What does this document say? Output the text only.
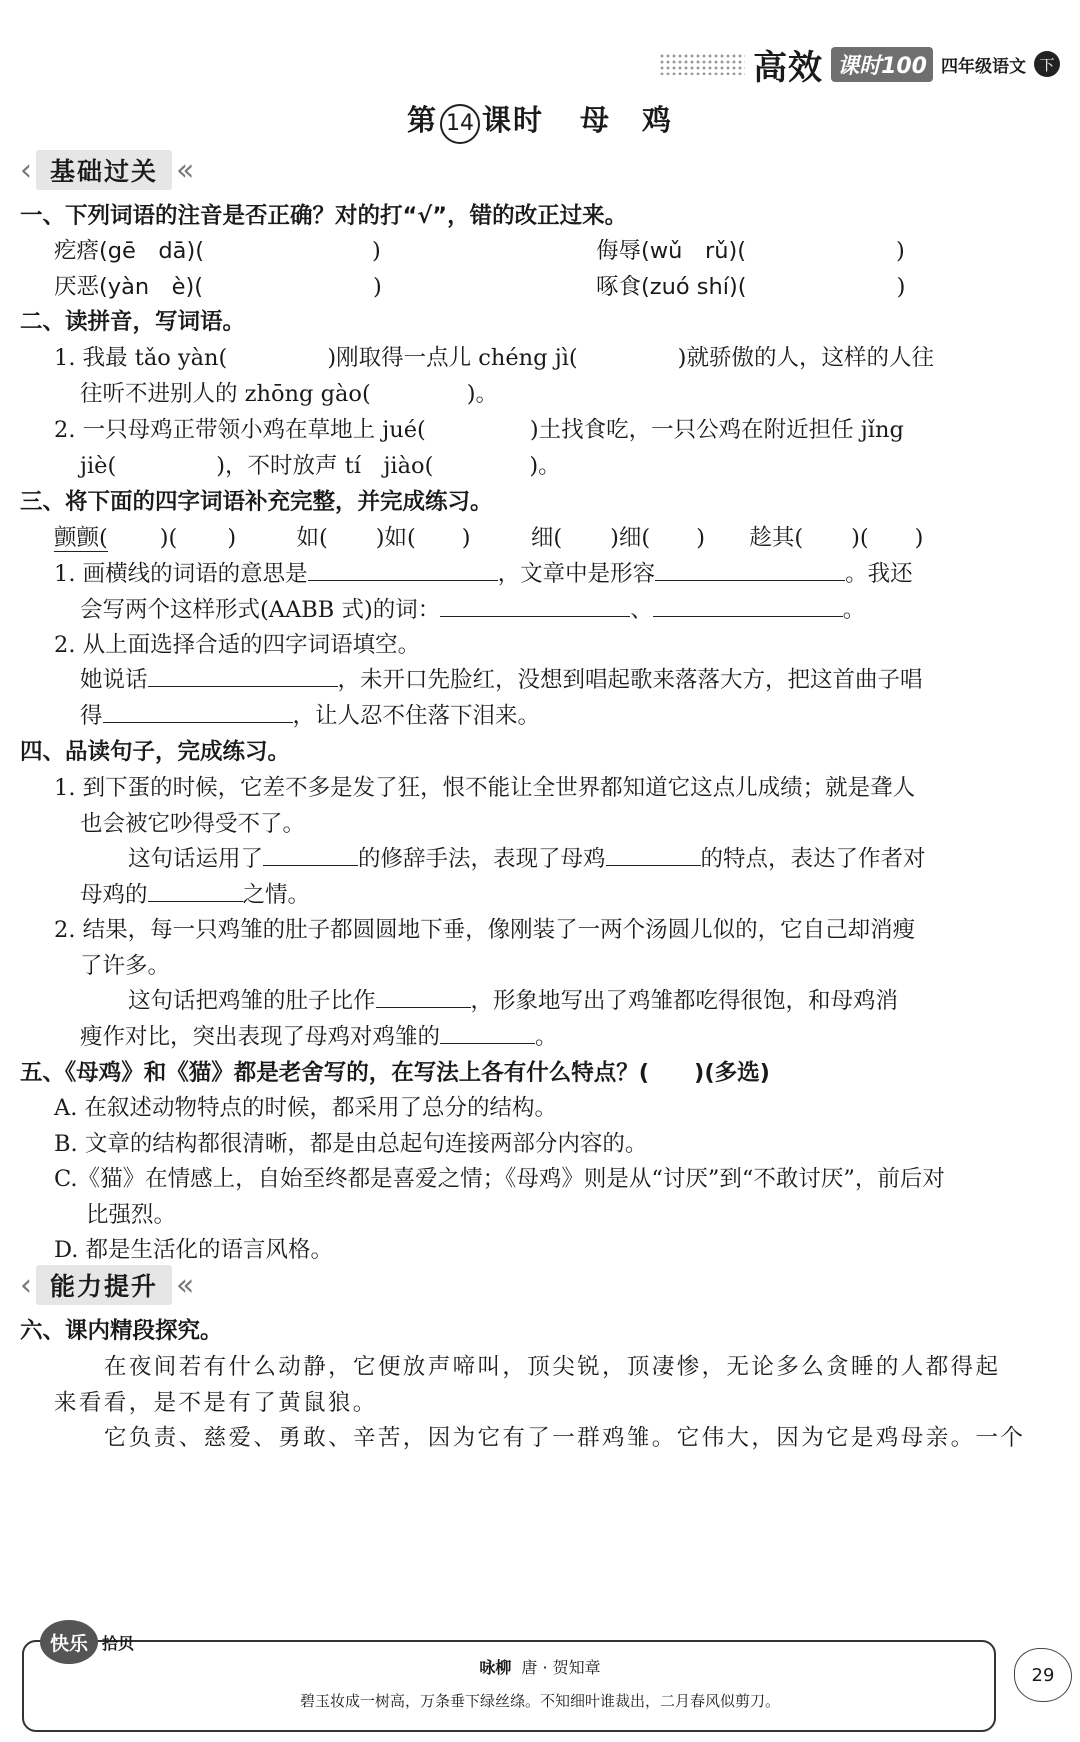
高效 课时100 四年级语文 下
第 14 课时 母　鸡
‹ 基础过关 «
一、下列词语的注音是否正确？对的打“√”，错的改正过来。
疙瘩(gē　dā)(	)	侮辱(wǔ　rǔ)(	)
厌恶(yàn　è)(	)	啄食(zuó shí)(	)
二、读拼音，写词语。
1. 我最 tǎo yàn(	)刚取得一点儿 chéng jì(	)就骄傲的人，这样的人往
往听不进别人的 zhōng gào(	)。
2. 一只母鸡正带领小鸡在草地上 jué(	)土找食吃，一只公鸡在附近担任 jǐng
jiè(	)，不时放声 tí　jiào(	)。
三、将下面的四字词语补充完整，并完成练习。
颤颤( )( )	如( )如( )	细( )细( ) 趁其( )( )
1. 画横线的词语的意思是	，文章中是形容	。我还
会写两个这样形式(AABB 式)的词：	、	。
2. 从上面选择合适的四字词语填空。
她说话	，未开口先脸红，没想到唱起歌来落落大方，把这首曲子唱
得	，让人忍不住落下泪来。
四、品读句子，完成练习。
1. 到下蛋的时候，它差不多是发了狂，恨不能让全世界都知道它这点儿成绩；就是聋人
也会被它吵得受不了。
这句话运用了	的修辞手法，表现了母鸡	的特点，表达了作者对
母鸡的	之情。
2. 结果，每一只鸡雏的肚子都圆圆地下垂，像刚装了一两个汤圆儿似的，它自己却消瘦
了许多。
这句话把鸡雏的肚子比作	，形象地写出了鸡雏都吃得很饱，和母鸡消
瘦作对比，突出表现了母鸡对鸡雏的	。
五、《母鸡》和《猫》都是老舍写的，在写法上各有什么特点？(　　)(多选)
A. 在叙述动物特点的时候，都采用了总分的结构。
B. 文章的结构都很清晰，都是由总起句连接两部分内容的。
C.《猫》在情感上，自始至终都是喜爱之情；《母鸡》则是从“讨厌”到“不敢讨厌”，前后对
比强烈。
D. 都是生活化的语言风格。
‹ 能力提升 «
六、课内精段探究。
在夜间若有什么动静，它便放声啼叫，顶尖锐，顶凄惨，无论多么贪睡的人都得起
来看看，是不是有了黄鼠狼。
它负责、慈爱、勇敢、辛苦，因为它有了一群鸡雏。它伟大，因为它是鸡母亲。一个
快乐 拾贝
咏柳 唐 · 贺知章
碧玉妆成一树高，万条垂下绿丝绦。不知细叶谁裁出，二月春风似剪刀。
29
